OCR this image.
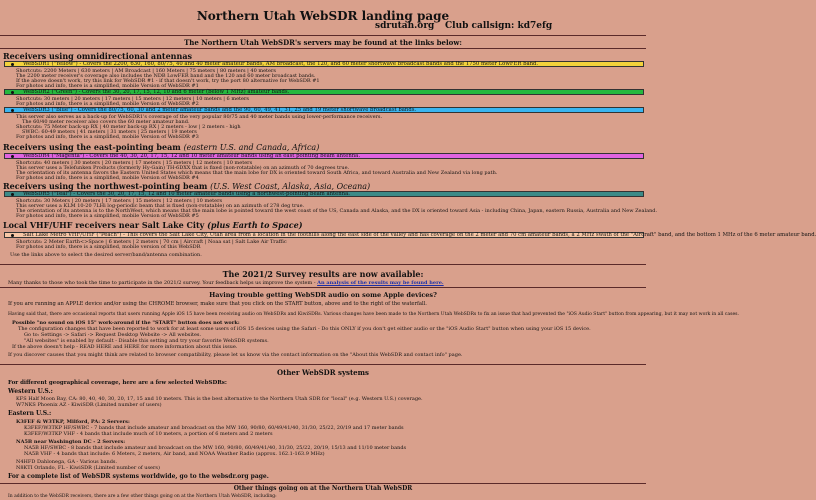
Northern Utah WebSDR landing page
sdrutah.org Club callsign: kd7efg
The Northern Utah WebSDR's servers may be found at the links below:
Receivers using omnidirectional antennas
WebSDR1 ("Yellow") - Covers the 2200, 630, 160, 80/75, 40 and 40 meter amateur bands, AM broadcast, the 120, and 60 meter shortwave broadcast bands and the 1750 meter LowFER band.
Shortcuts: 2200 Meters | 630 meters | AM Broadcast | 160 Meters | 75 meters | 80 meters | 40 meters
The 2200 meter receiver's coverage also includes the NDB LowFER band and the 120 and 60 meter broadcast bands.
If the above doesn't work, try this link for WebSDR #1 - if that doesn't work, try the port 80 alternative for WebSDR #1
For photos and info, there is a simplified, mobile Version of WebSDR #1
WebSDR2 ("Green") - Covers the 30, 20, 17, 15, 12, 10 and 6 meter (below 1 MHz) amateur bands.
Shortcuts: 30 meters | 20 meters | 17 meters | 15 meters | 12 meters | 10 meters | 6 meters
For photos and info, there is a simplified, mobile Version of WebSDR #2
WebSDR3 ("Blue") - Covers the 80/75, 60, 30 and 2 meter amateur bands and the 90, 60, 49, 41, 31, 25 and 19 meter shortwave broadcast bands.
This server also serves as a back-up for WebSDR1's coverage of the very popular 80/75 and 40 meter bands using lower-performance receivers.
The 60/40 meter receiver also covers the 60 meter amateur band.
Shortcuts: 75 Meter back-up RX | 40 meter back-up RX | 2 meters - low | 2 meters - high
SWBC: 60-49 meters | 41 meters | 31 meters | 25 meters | 19 meters
For photos and info, there is a simplified, mobile Version of WebSDR #3
Receivers using the east-pointing beam (eastern U.S. and Canada, Africa)
WebSDR4 ("Magenta") - Covers the 40, 30, 20, 17, 15, 12 and 10 meter amateur bands using an east pointing beam antenna.
Shortcuts: 40 meters | 30 meters | 20 meters | 17 meters | 15 meters | 12 meters | 10 meters
This server uses a Telefunken Products (formerly Hy-Gain) TH-6DXX that is fixed (non-rotatable) on an azimuth of 70 degrees true.
The orientation of its antenna favors the Eastern United States which means that the main lobe for DX is oriented toward South Africa, and toward Australia and New Zealand via long path.
For photos and info, there is a simplified, mobile Version of WebSDR #4
Receivers using the northwest-pointing beam (U.S. West Coast, Alaska, Asia, Oceana)
WebSDR5 ("Teal") - Covers the 30, 20, 17, 15, 12 and 10 meter amateur bands using a northwest-pointing beam antenna.
Shortcuts: 30 Meters | 20 meters | 17 meters | 15 meters | 12 meters | 10 meters
This server uses a KLM 10-20 7LHi log-periodic beam that is fixed (non-rotatable) on an azimuth of 278 deg true.
The orientation of its antenna is to the NorthWest, which means that the main lobe is pointed toward the west coast of the US, Canada and Alaska, and the DX is oriented toward Asia - including China, Japan, eastern Russia, Australia and New Zealand.
For photos and info, there is a simplified, mobile Version of WebSDR #5
Local VHF/UHF receivers near Salt Lake City (plus Earth to Space)
Salt Lake Metro VHF/UHF ("Peach") - This covers the Salt Lake City, Utah area from a location in the foothills along the east side of the valley and has coverage on the 2 meter and 70 cm amateur bands, a 2 MHz swath of the "Aircraft" band, and the bottom 1 MHz of the 6 meter amateur band.
Shortcuts: 2 Meter Earth<>Space | 6 meters | 2 meters | 70 cm | Aircraft | Noaa sat | Salt Lake Air Traffic
For photos and info, there is a simplified, mobile version of this WebSDR
Use the links above to select the desired server/band/antenna combination.
The 2021/2 Survey results are now available:
Many thanks to those who took the time to participate in the 2021/2 survey. Your feedback helps us improve the system - An analysis of the results may be found here.
Having trouble getting WebSDR audio on some Apple devices?
If you are running an APPLE device and/or using the CHROME browser, make sure that you click on the START button, above and to the right of the waterfall.
Having said that, there are occasional reports that users running Apple iOS 15 have been receiving audio on WebSDRs and KiwiSDRs. Various changes have been made to the Northern Utah WebSDRs to fix an issue that had prevented the "iOS Audio Start" button from appearing, but it may not work in all cases.
Possible "no sound on iOS 15" work-around if the "START" button does not work:
The configuration changes that have been reported to work for at least some users of iOS 15 devices using the Safari - Do this ONLY if you don't get either audio or the "iOS Audio Start" button when using your iOS 15 device.
Go to: Settings -> Safari -> Request Desktop Website -> All websites.
"All websites" is enabled by default - Disable this setting and try your favorite WebSDR systems.
If the above doesn't help - READ HERE and HERE for more information about this issue.
If you discover causes that you might think are related to browser compatibility, please let us know via the contact information on the "About this WebSDR and contact info" page.
Other WebSDR systems
For different geographical coverage, here are a few selected WebSDRs:
Western U.S.:
KFS Half Moon Bay, CA: 80, 40, 40, 30, 20, 17, 15 and 10 meters. This is the best alternative to the Northern Utah SDR for "local" (e.g. Western U.S.) coverage.
W7NKS Phoenix AZ - KiwiSDR (Limited number of users)
Eastern U.S.:
K3FEF & W3TKP, Milford, PA: 2 Servers:
K3FEF/W3TKP HF/SWBC - 7 bands that include amateur and broadcast on the MW 160, 90/80, 60/49/41/40, 31/30, 25/22, 20/19 and 17 meter bands
K3FEF/W3TKP VHF - 4 bands that include much of 10 meters, a portion of 6 meters and 2 meters
NA5B near Washington DC - 2 Servers:
NA5B HF/SWBC - 8 bands that include amateur and broadcast on the MW 160, 90/80, 60/49/41/40, 31/30, 25/22, 20/19, 15/13 and 11/10 meter bands
NA5B VHF - 4 bands that include: 6 Meters, 2 meters, Air band, and NOAA Weather Radio (approx. 162.1-163.9 MHz)
N4HFD Dahlonega, GA - Various bands.
N8KTI Orlando, FL - KiwiSDR (Limited number of users)
For a complete list of WebSDR systems worldwide, go to the websdr.org page.
Other things going on at the Northern Utah WebSDR
In addition to the WebSDR receivers, there are a few other things going on at the Northern Utah WebSDR, including:
